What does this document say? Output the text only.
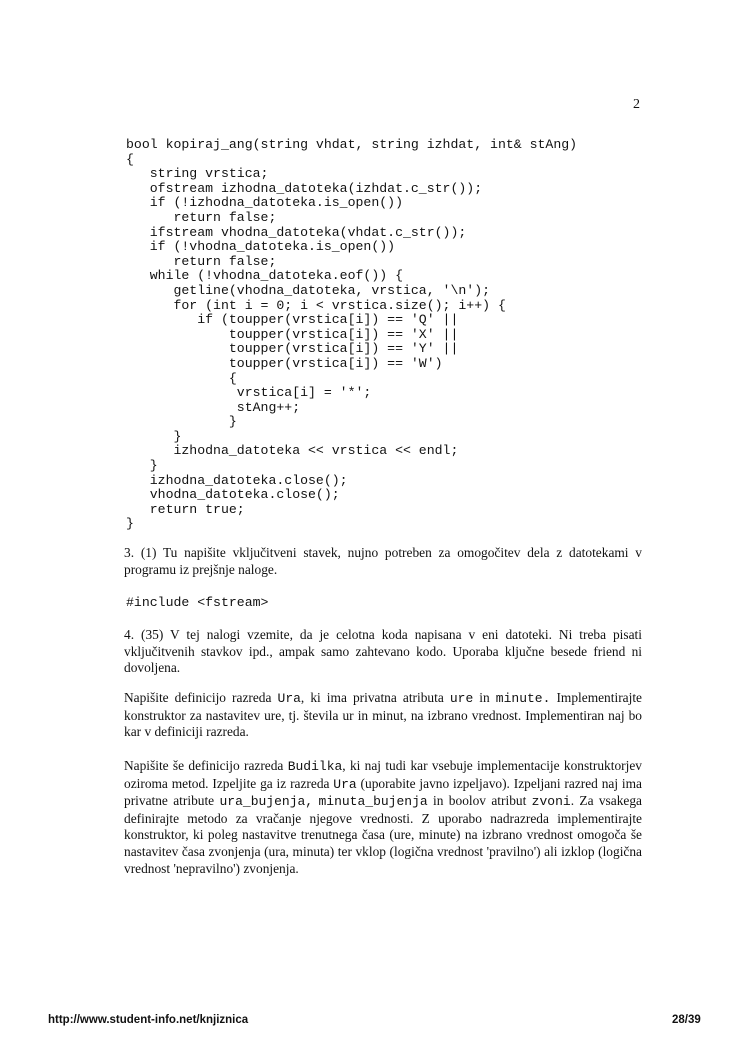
2
bool kopiraj_ang(string vhdat, string izhdat, int& stAng)
{
string vrstica;
ofstream izhodna_datoteka(izhdat.c_str());
if (!izhodna_datoteka.is_open())
return false;
ifstream vhodna_datoteka(vhdat.c_str());
if (!vhodna_datoteka.is_open())
return false;
while (!vhodna_datoteka.eof()) {
getline(vhodna_datoteka, vrstica, '\n');
for (int i = 0; i < vrstica.size(); i++) {
if (toupper(vrstica[i]) == 'Q' ||
toupper(vrstica[i]) == 'X' ||
toupper(vrstica[i]) == 'Y' ||
toupper(vrstica[i]) == 'W')
{
vrstica[i] = '*';
stAng++;
}
}
izhodna_datoteka << vrstica << endl;
}
izhodna_datoteka.close();
vhodna_datoteka.close();
return true;
}

3. (1) Tu napišite vključitveni stavek, nujno potreben za omogočitev dela z datotekami v programu iz prejšnje naloge.

#include <fstream>

4. (35) V tej nalogi vzemite, da je celotna koda napisana v eni datoteki. Ni treba pisati vključitvenih stavkov ipd., ampak samo zahtevano kodo. Uporaba ključne besede friend ni dovoljena.

Napišite definicijo razreda Ura, ki ima privatna atributa ure in minute. Implementirajte konstruktor za nastavitev ure, tj. števila ur in minut, na izbrano vrednost. Implementiran naj bo kar v definiciji razreda.

Napišite še definicijo razreda Budilka, ki naj tudi kar vsebuje implementacije konstruktorjev oziroma metod. Izpeljite ga iz razreda Ura (uporabite javno izpeljavo). Izpeljani razred naj ima privatne atribute ura_bujenja, minuta_bujenja in boolov atribut zvoni. Za vsakega definirajte metodo za vračanje njegove vrednosti. Z uporabo nadrazreda implementirajte konstruktor, ki poleg nastavitve trenutnega časa (ure, minute) na izbrano vrednost omogoča še nastavitev časa zvonjenja (ura, minuta) ter vklop (logična vrednost 'pravilno') ali izklop (logična vrednost 'nepravilno') zvonjenja.

http://www.student-info.net/knjiznica	28/39
